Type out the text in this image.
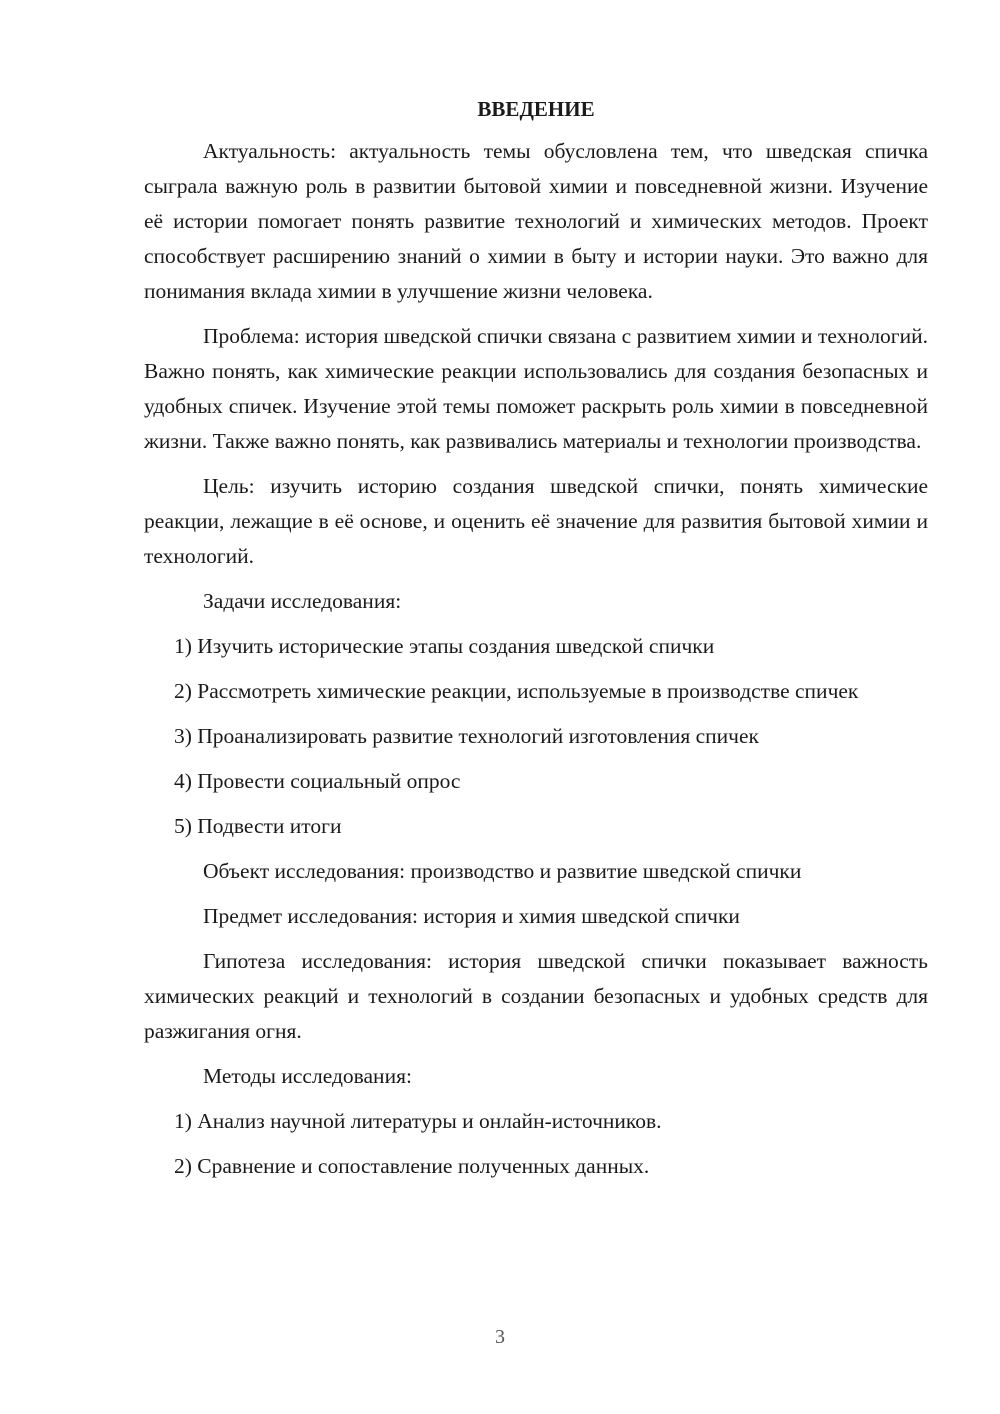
ВВЕДЕНИЕ

Актуальность: актуальность темы обусловлена тем, что шведская спичка сыграла важную роль в развитии бытовой химии и повседневной жизни. Изучение её истории помогает понять развитие технологий и химических методов. Проект способствует расширению знаний о химии в быту и истории науки. Это важно для понимания вклада химии в улучшение жизни человека.

Проблема: история шведской спички связана с развитием химии и технологий. Важно понять, как химические реакции использовались для создания безопасных и удобных спичек. Изучение этой темы поможет раскрыть роль химии в повседневной жизни. Также важно понять, как развивались материалы и технологии производства.

Цель: изучить историю создания шведской спички, понять химические реакции, лежащие в её основе, и оценить её значение для развития бытовой химии и технологий.

Задачи исследования:

1) Изучить исторические этапы создания шведской спички

2) Рассмотреть химические реакции, используемые в производстве спичек

3) Проанализировать развитие технологий изготовления спичек

4) Провести социальный опрос

5) Подвести итоги

Объект исследования: производство и развитие шведской спички

Предмет исследования: история и химия шведской спички

Гипотеза исследования: история шведской спички показывает важность химических реакций и технологий в создании безопасных и удобных средств для разжигания огня.

Методы исследования:

1) Анализ научной литературы и онлайн-источников.

2) Сравнение и сопоставление полученных данных.

3
